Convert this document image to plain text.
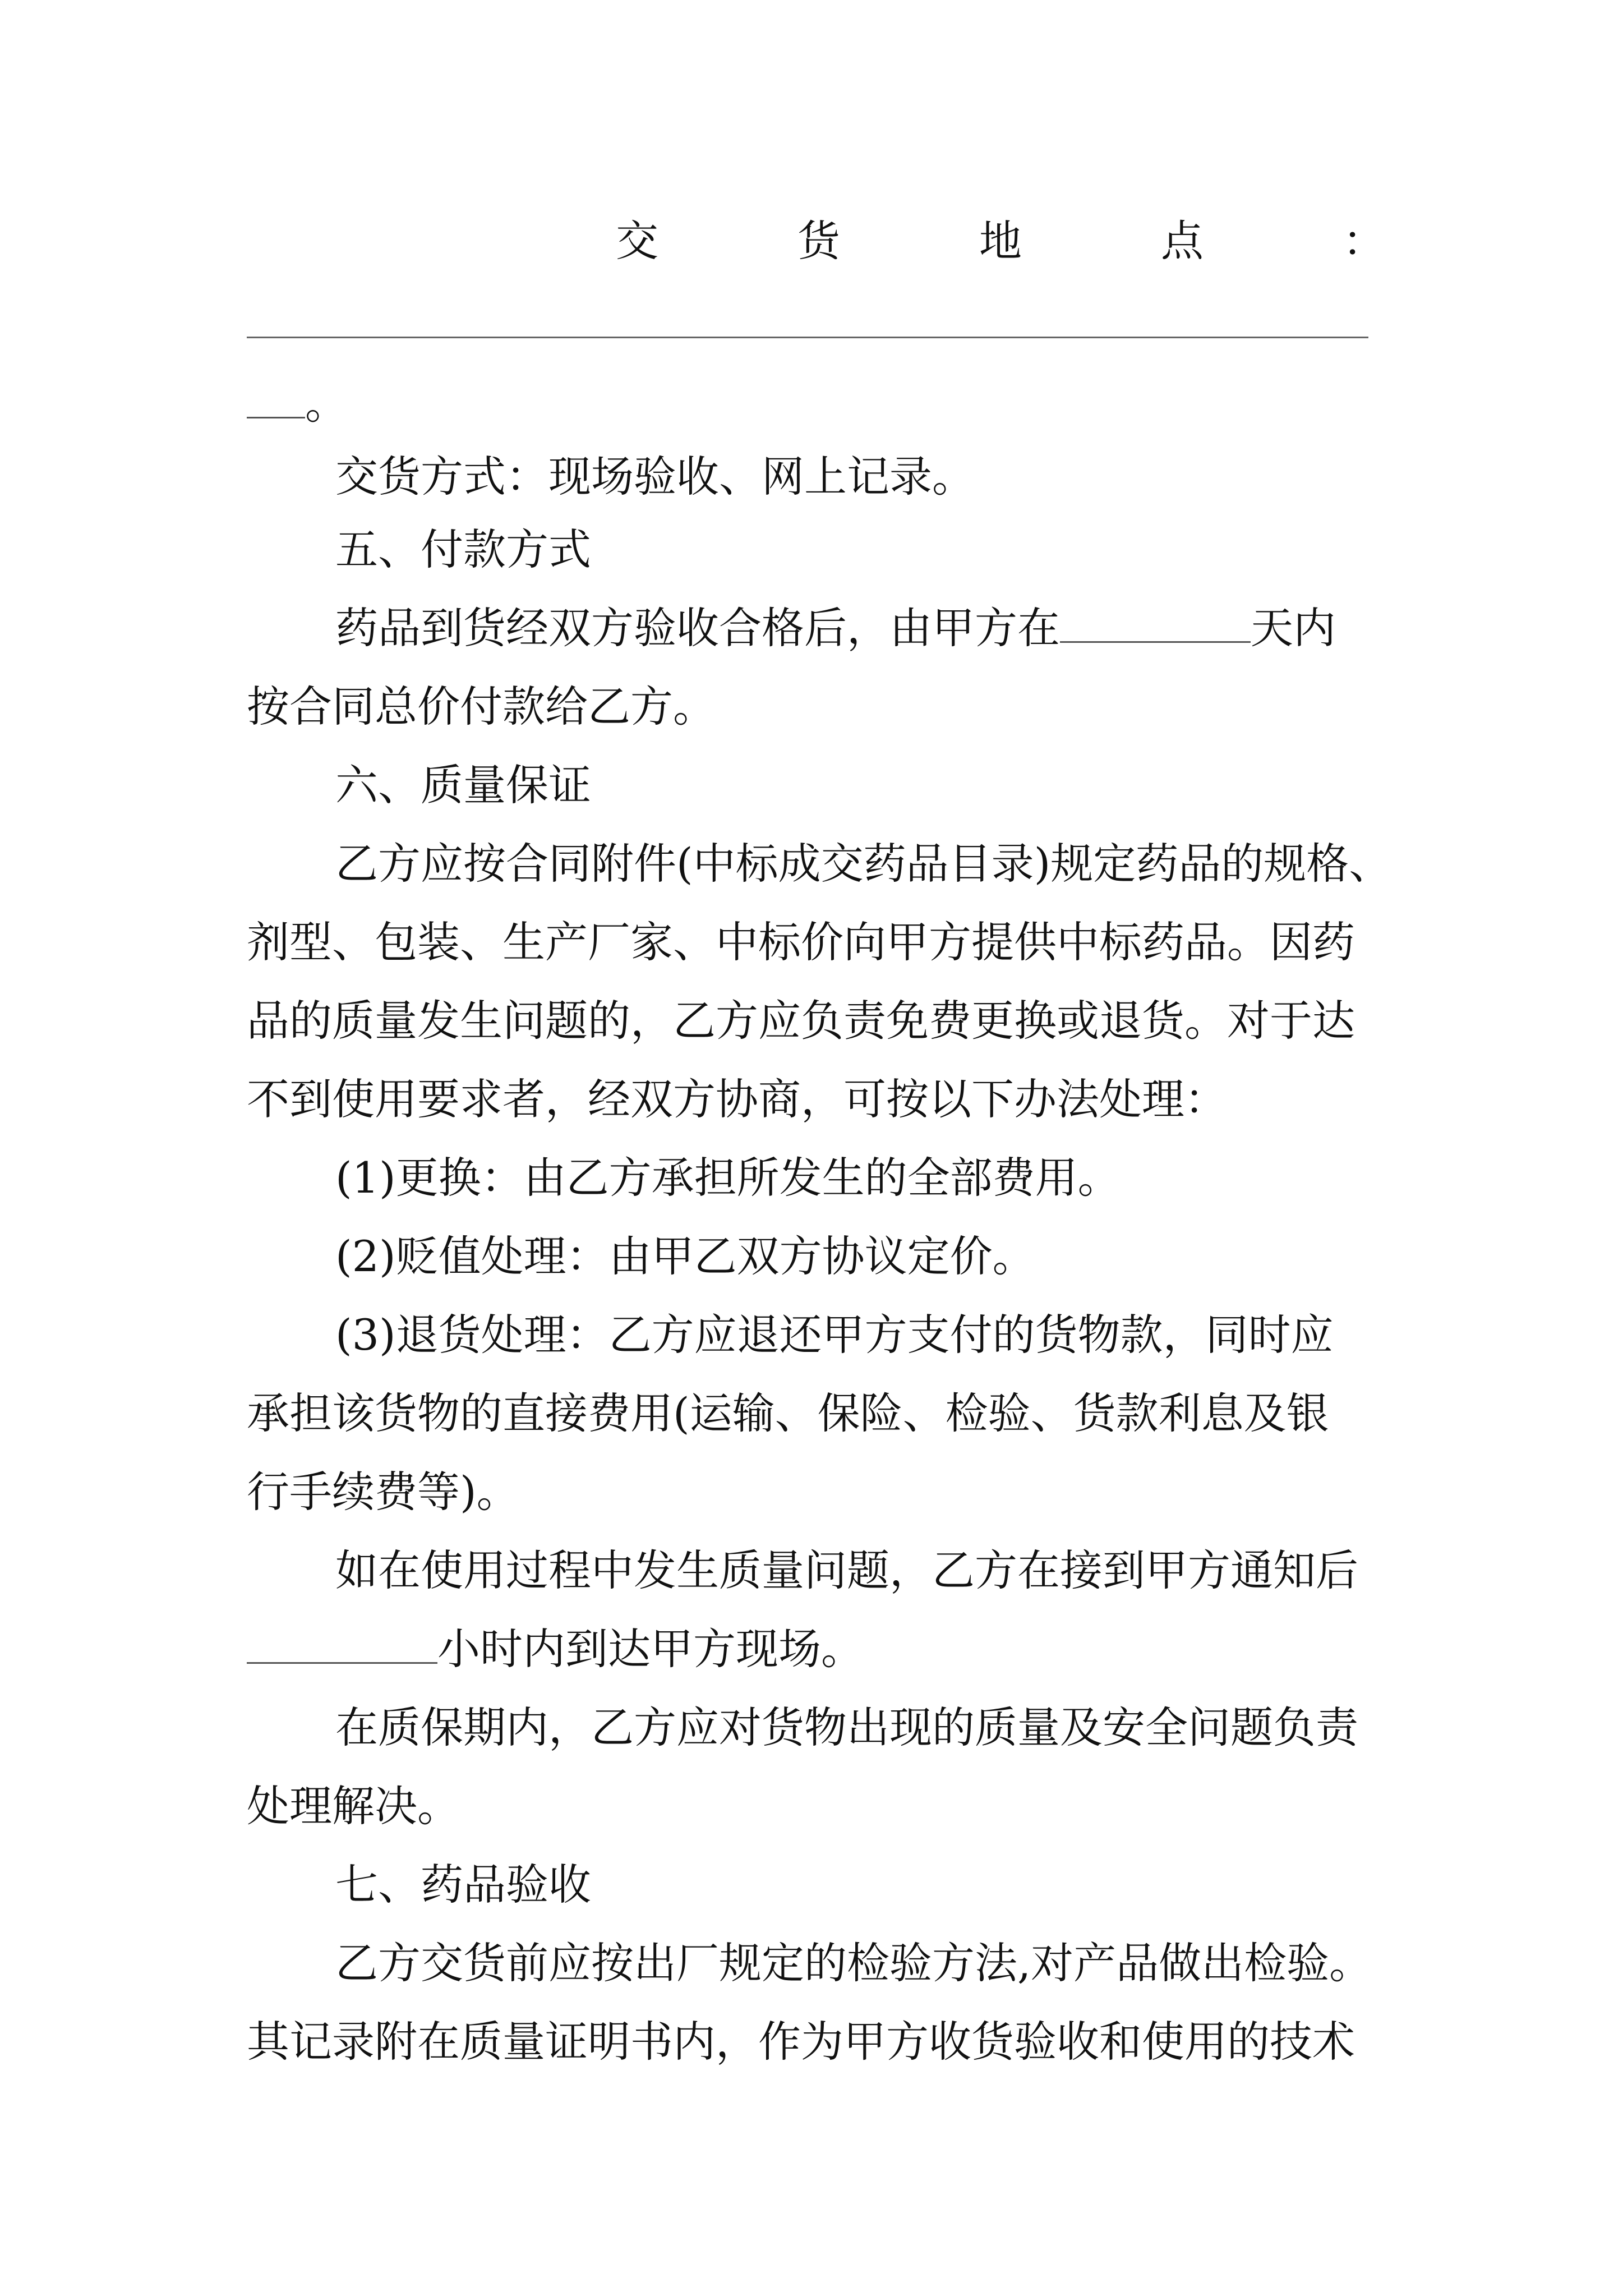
交	货	地	点	：
。
交货方式：现场验收、网上记录。
五、付款方式
药品到货经双方验收合格后，由甲方在	天内
按合同总价付款给乙方。
六、质量保证
乙方应按合同附件(中标成交药品目录)规定药品的规格、
剂型、包装、生产厂家、中标价向甲方提供中标药品。因药
品的质量发生问题的，乙方应负责免费更换或退货。对于达
不到使用要求者，经双方协商，可按以下办法处理：
(1)更换：由乙方承担所发生的全部费用。
(2)贬值处理：由甲乙双方协议定价。
(3)退货处理：乙方应退还甲方支付的货物款，同时应
承担该货物的直接费用(运输、保险、检验、货款利息及银
行手续费等)。
如在使用过程中发生质量问题，乙方在接到甲方通知后
小时内到达甲方现场。
在质保期内，乙方应对货物出现的质量及安全问题负责
处理解决。
七、药品验收
乙方交货前应按出厂规定的检验方法,对产品做出检验。
其记录附在质量证明书内，作为甲方收货验收和使用的技术
